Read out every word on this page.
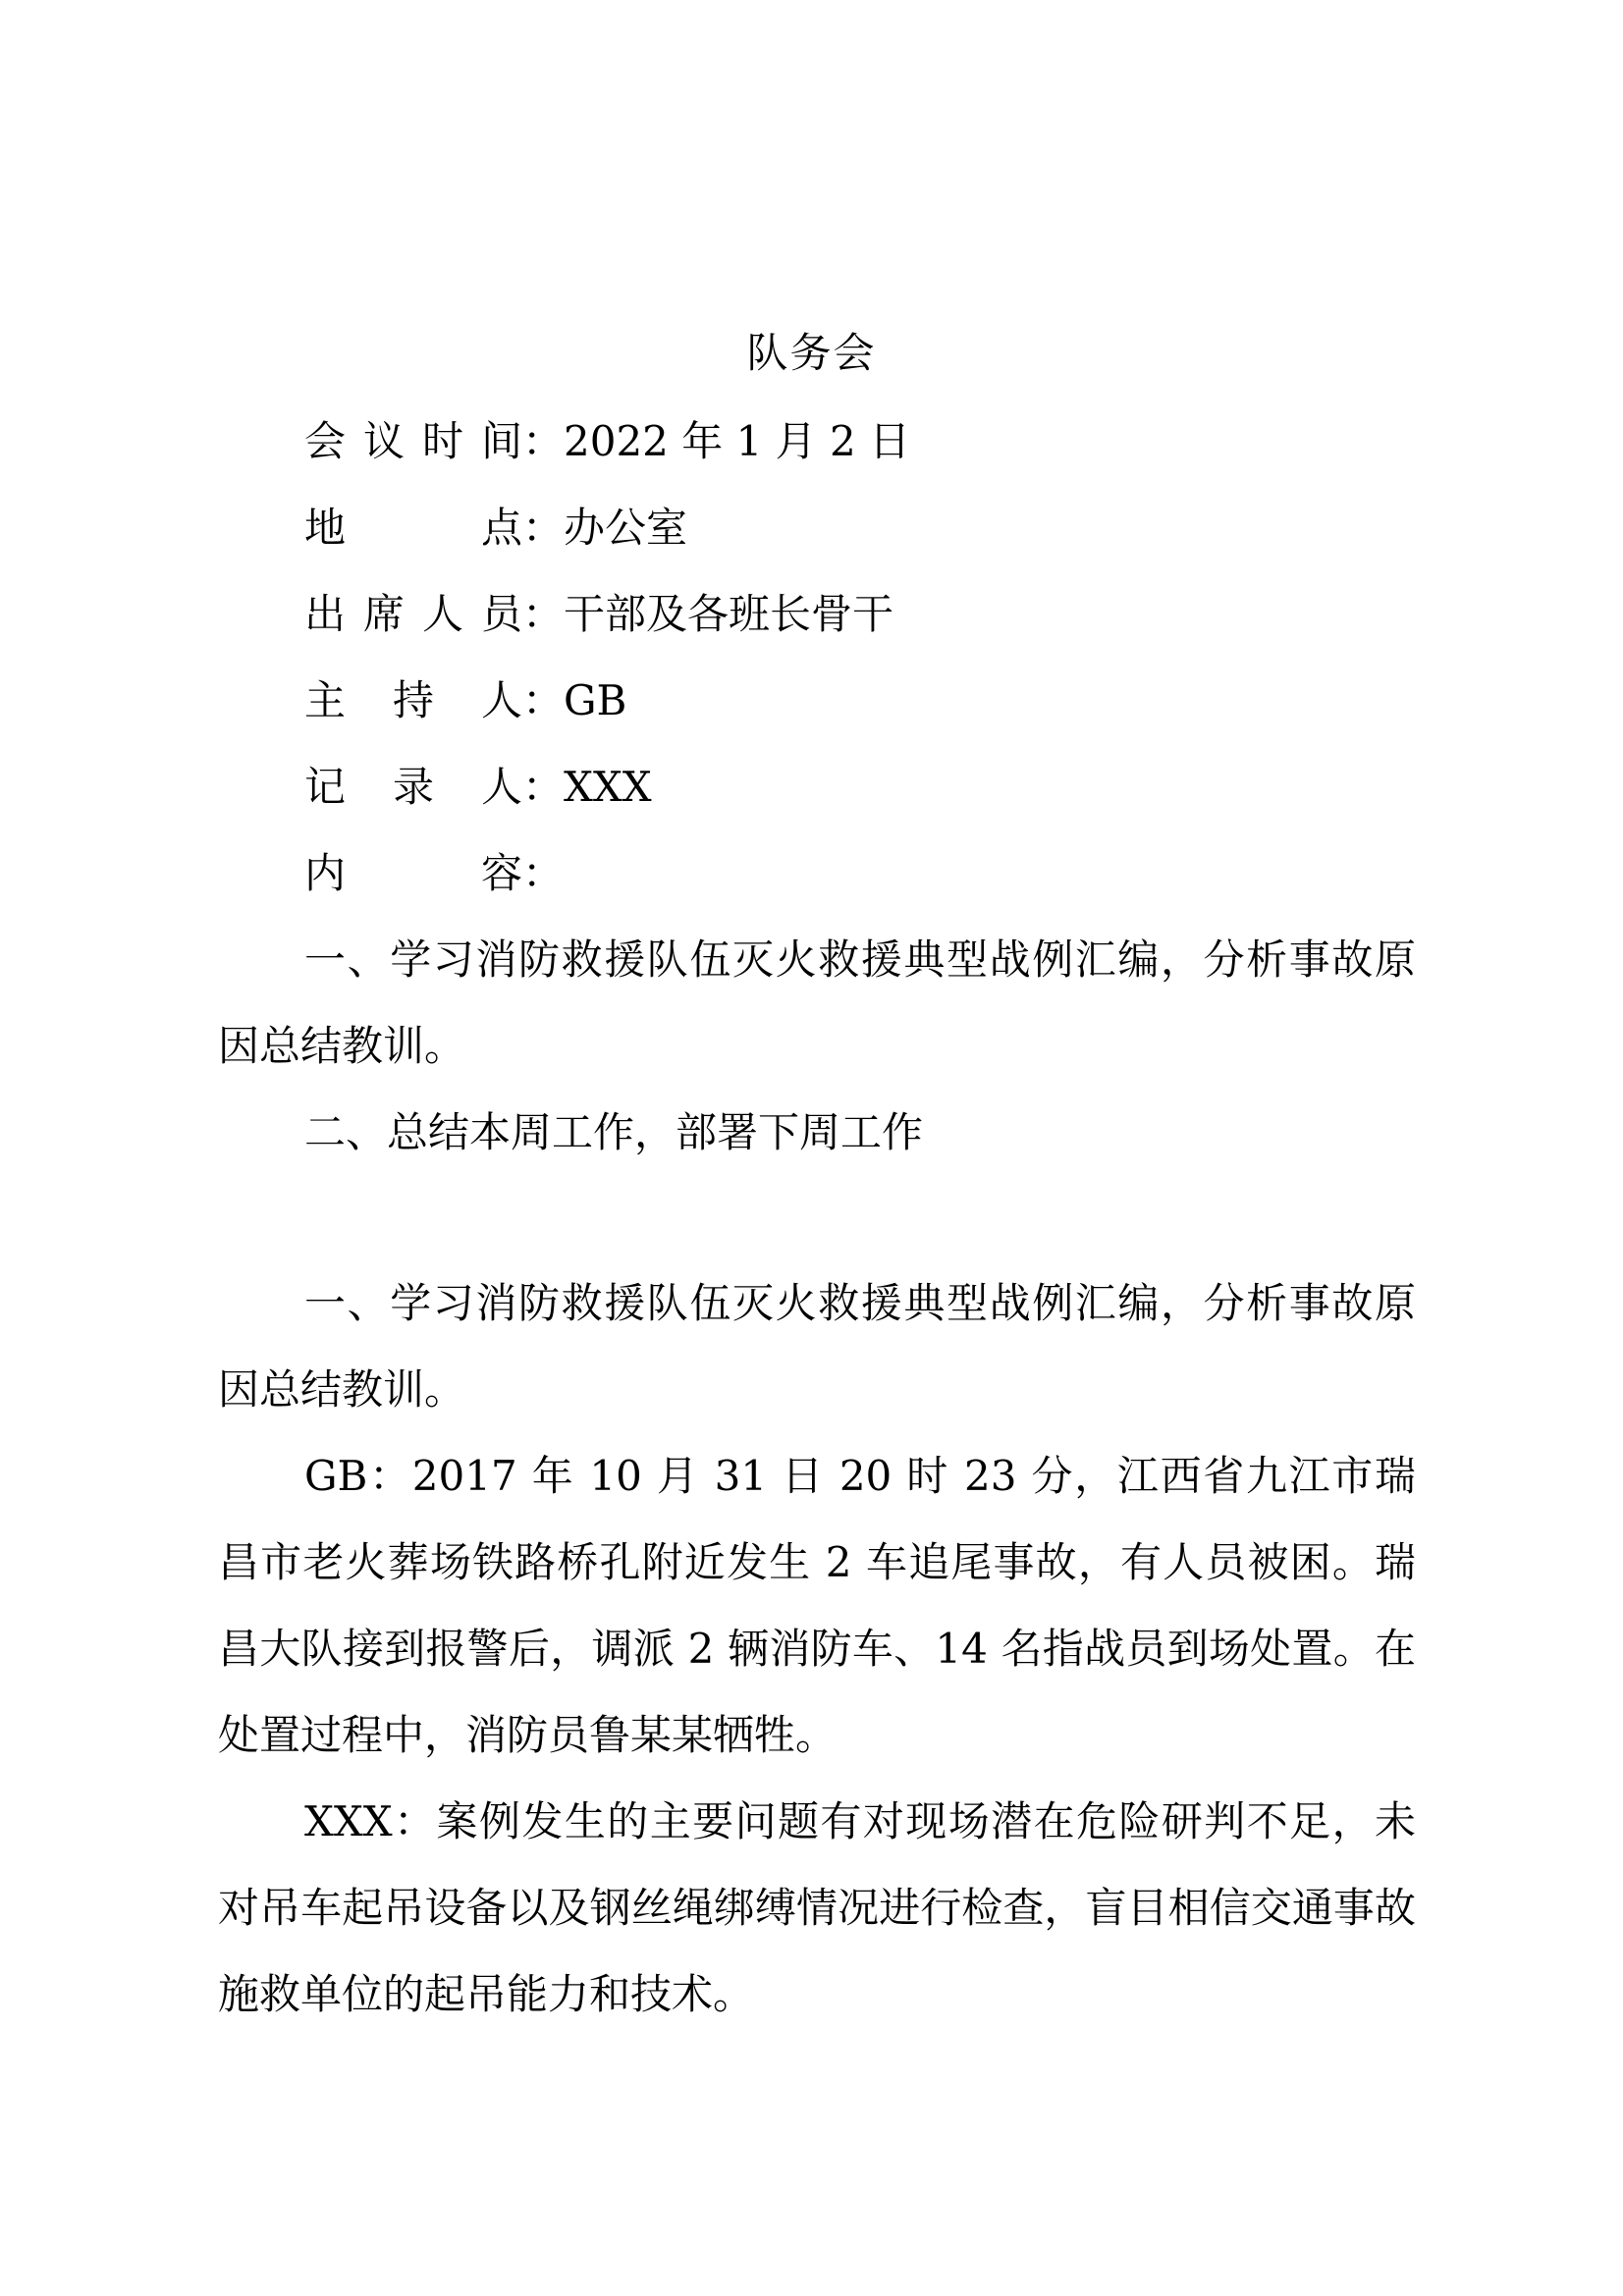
队务会
会议时间：2022 年 1 月 2 日
地　　点：办公室
出席人员：干部及各班长骨干
主 持 人：GB
记 录 人：XXX
内　　容：

一、学习消防救援队伍灭火救援典型战例汇编，分析事故原因总结教训。

二、总结本周工作，部署下周工作

一、学习消防救援队伍灭火救援典型战例汇编，分析事故原因总结教训。

GB：2017 年 10 月 31 日 20 时 23 分，江西省九江市瑞昌市老火葬场铁路桥孔附近发生 2 车追尾事故，有人员被困。瑞昌大队接到报警后，调派 2 辆消防车、14 名指战员到场处置。在处置过程中，消防员鲁某某牺牲。

XXX：案例发生的主要问题有对现场潜在危险研判不足，未对吊车起吊设备以及钢丝绳绑缚情况进行检查，盲目相信交通事故施救单位的起吊能力和技术。
